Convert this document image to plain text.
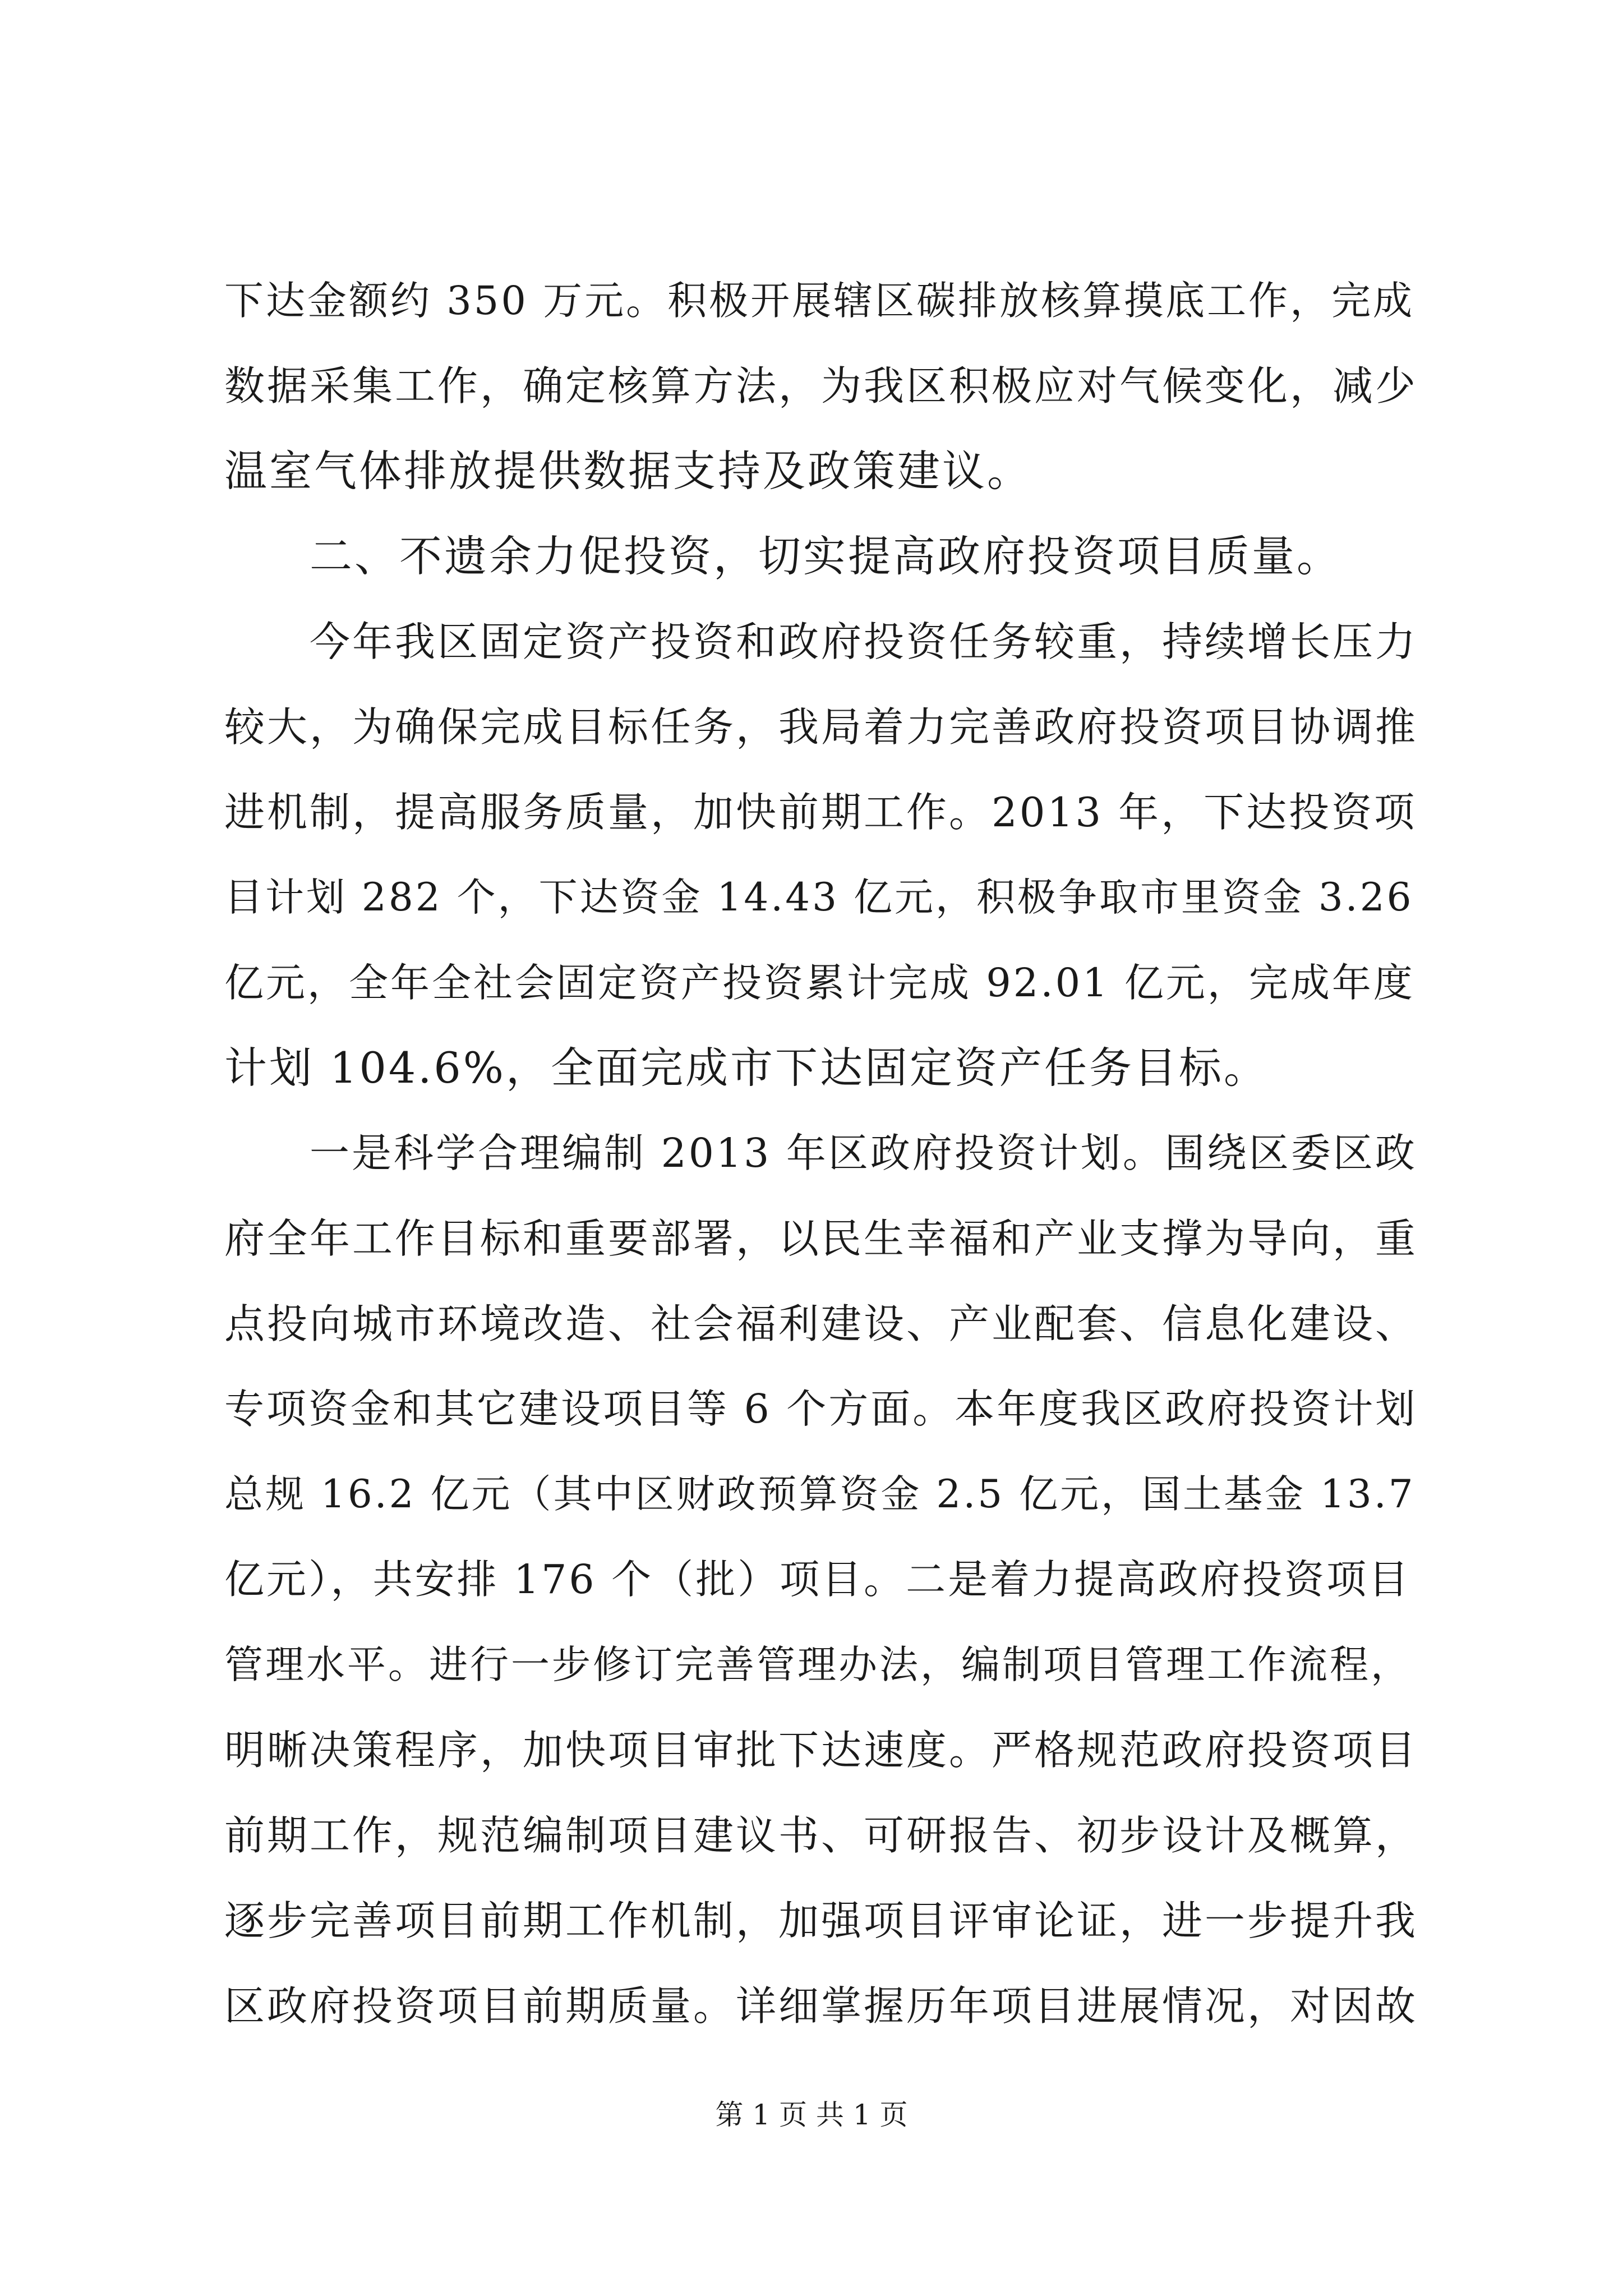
下达金额约 350 万元。积极开展辖区碳排放核算摸底工作，完成
数据采集工作，确定核算方法，为我区积极应对气候变化，减少
温室气体排放提供数据支持及政策建议。
二、不遗余力促投资，切实提高政府投资项目质量。
今年我区固定资产投资和政府投资任务较重，持续增长压力
较大，为确保完成目标任务，我局着力完善政府投资项目协调推
进机制，提高服务质量，加快前期工作。2013 年，下达投资项
目计划 282 个，下达资金 14.43 亿元，积极争取市里资金 3.26
亿元，全年全社会固定资产投资累计完成 92.01 亿元，完成年度
计划 104.6%，全面完成市下达固定资产任务目标。
一是科学合理编制 2013 年区政府投资计划。围绕区委区政
府全年工作目标和重要部署，以民生幸福和产业支撑为导向，重
点投向城市环境改造、社会福利建设、产业配套、信息化建设、
专项资金和其它建设项目等 6 个方面。本年度我区政府投资计划
总规 16.2 亿元（其中区财政预算资金 2.5 亿元，国土基金 13.7
亿元），共安排 176 个（批）项目。二是着力提高政府投资项目
管理水平。进行一步修订完善管理办法，编制项目管理工作流程，
明晰决策程序，加快项目审批下达速度。严格规范政府投资项目
前期工作，规范编制项目建议书、可研报告、初步设计及概算，
逐步完善项目前期工作机制，加强项目评审论证，进一步提升我
区政府投资项目前期质量。详细掌握历年项目进展情况，对因故
第 1 页 共 1 页
